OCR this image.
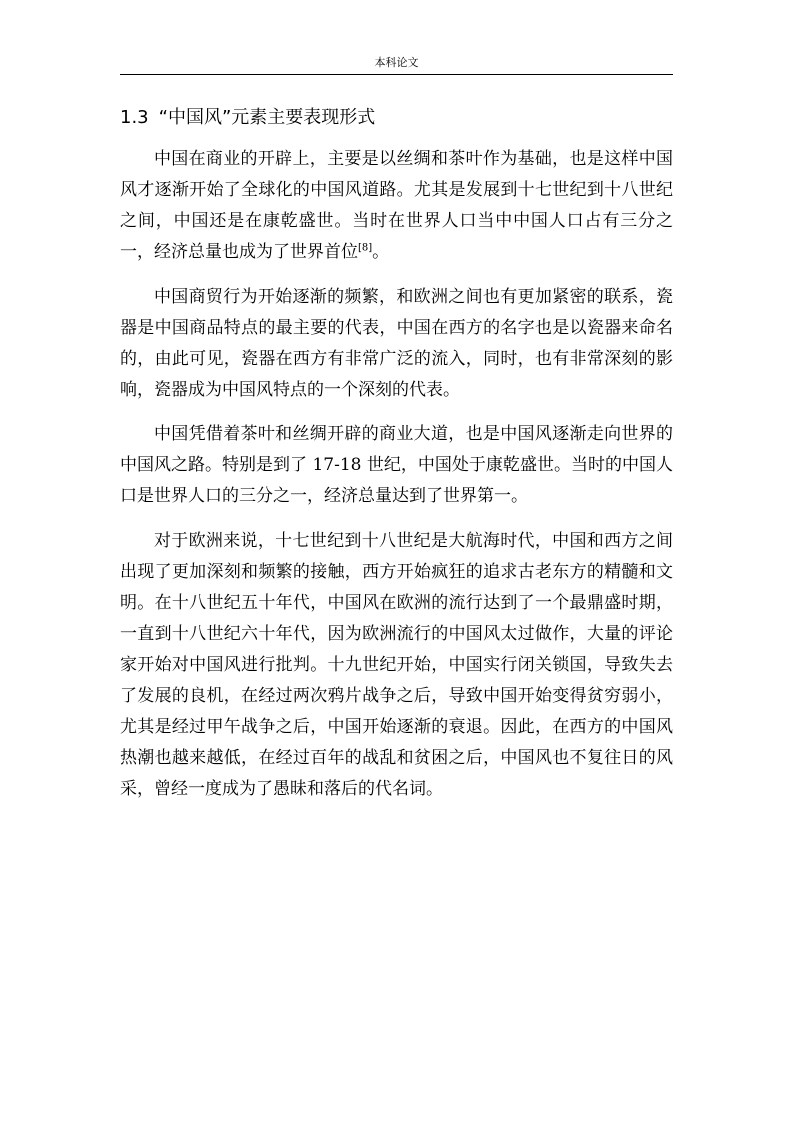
本科论文
1.3 “中国风”元素主要表现形式

中国在商业的开辟上，主要是以丝绸和茶叶作为基础，也是这样中国风才逐渐开始了全球化的中国风道路。尤其是发展到十七世纪到十八世纪之间，中国还是在康乾盛世。当时在世界人口当中中国人口占有三分之一，经济总量也成为了世界首位[8]。

中国商贸行为开始逐渐的频繁，和欧洲之间也有更加紧密的联系，瓷器是中国商品特点的最主要的代表，中国在西方的名字也是以瓷器来命名的，由此可见，瓷器在西方有非常广泛的流入，同时，也有非常深刻的影响，瓷器成为中国风特点的一个深刻的代表。

中国凭借着茶叶和丝绸开辟的商业大道，也是中国风逐渐走向世界的中国风之路。特别是到了 17-18 世纪，中国处于康乾盛世。当时的中国人口是世界人口的三分之一，经济总量达到了世界第一。

对于欧洲来说，十七世纪到十八世纪是大航海时代，中国和西方之间出现了更加深刻和频繁的接触，西方开始疯狂的追求古老东方的精髓和文明。在十八世纪五十年代，中国风在欧洲的流行达到了一个最鼎盛时期，一直到十八世纪六十年代，因为欧洲流行的中国风太过做作，大量的评论家开始对中国风进行批判。十九世纪开始，中国实行闭关锁国，导致失去了发展的良机，在经过两次鸦片战争之后，导致中国开始变得贫穷弱小，尤其是经过甲午战争之后，中国开始逐渐的衰退。因此，在西方的中国风热潮也越来越低，在经过百年的战乱和贫困之后，中国风也不复往日的风采，曾经一度成为了愚昧和落后的代名词。
